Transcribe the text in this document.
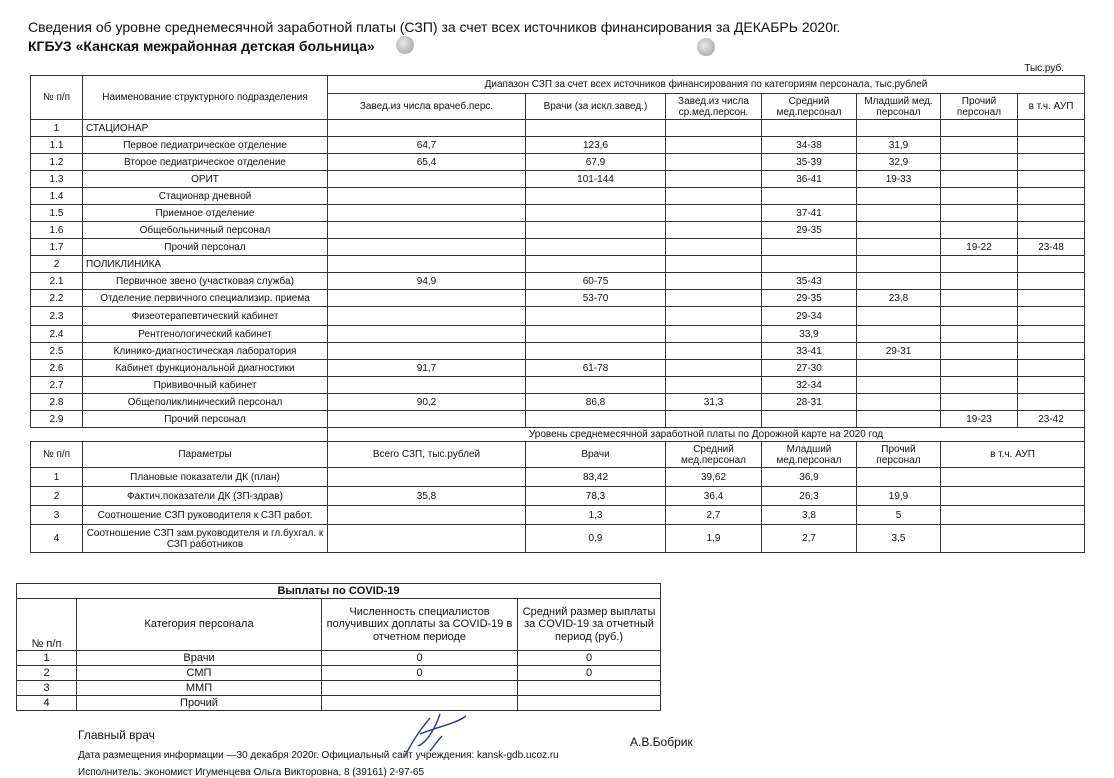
Сведения об уровне среднемесячной заработной платы (СЗП) за счет всех источников финансирования за ДЕКАБРЬ 2020г.
КГБУЗ «Канская межрайонная детская больница»
Тыс.руб.
№ п/п	Наименование структурного подразделения	Диапазон СЗП за счет всех источников финансирования по категориям персонала, тыс.рублей						
		Завед.из числа врачеб.перс.	Врачи (за искл.завед.)	Завед.из числа ср.мед.персон.	Средний мед.персонал	Младший мед. персонал	Прочий персонал	в т.ч. АУП
1	СТАЦИОНАР							
1.1	Первое педиатрическое отделение	64,7	123,6		34-38	31,9		
1.2	Второе педиатрическое отделение	65,4	67,9		35-39	32,9		
1.3	ОРИТ		101-144		36-41	19-33		
1.4	Стационар дневной							
1.5	Приемное отделение				37-41			
1.6	Общебольничный персонал				29-35			
1.7	Прочий персонал						19-22	23-48
2	ПОЛИКЛИНИКА							
2.1	Первичное звено (участковая служба)	94,9	60-75		35-43			
2.2	Отделение первичного специализир. приема		53-70		29-35	23,8		
2.3	Физеотерапевтический кабинет				29-34			
2.4	Рентгенологический кабинет				33,9			
2.5	Клинико-диагностическая лаборатория				33-41	29-31		
2.6	Кабинет функциональной диагностики	91,7	61-78		27-30			
2.7	Прививочный кабинет				32-34			
2.8	Общеполиклинический персонал	90,2	86,8	31,3	28-31			
2.9	Прочий персонал						19-23	23-42
		Уровень среднемесячной заработной платы по Дорожной карте на 2020 год						
№ п/п	Параметры	Всего СЗП, тыс.рублей	Врачи	Средний мед.персонал	Младший мед.персонал	Прочий персонал	в т.ч. АУП	
1	Плановые показатели ДК (план)		83,42	39,62	36,9			
2	Фактич.показатели ДК (ЗП-здрав)	35,8	78,3	36,4	26,3	19,9		
3	Соотношение СЗП руководителя к СЗП работ.		1,3	2,7	3,8	5		
4	Соотношение СЗП зам.руководителя и гл.бухгал. к СЗП работников		0,9	1,9	2,7	3,5		
Выплаты по COVID-19			
№ п/п	Категория персонала	Численность специалистов получивших доплаты за COVID-19 в отчетном периоде	Средний размер выплаты за COVID-19 за отчетный период (руб.)
1	Врачи	0	0
2	СМП	0	0
3	ММП		
4	Прочий		
Главный врач	А.В.Бобрик
Дата размещения информации —30 декабря 2020г. Официальный сайт учреждения: kansk-gdb.ucoz.ru
Исполнитель: экономист Игуменцева Ольга Викторовна, 8 (39161) 2-97-65
